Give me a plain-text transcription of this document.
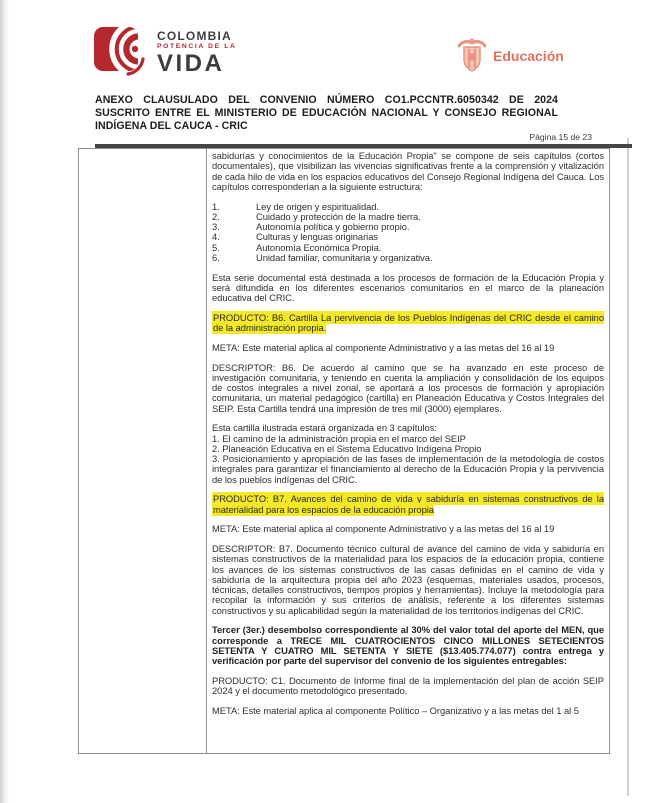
COLOMBIA
POTENCIA DE LA
VIDA	Educación
ANEXO CLAUSULADO DEL CONVENIO NÚMERO CO1.PCCNTR.6050342 DE 2024 SUSCRITO ENTRE EL MINISTERIO DE EDUCACIÓN NACIONAL Y CONSEJO REGIONAL INDÍGENA DEL CAUCA - CRIC
Página 15 de 23

sabidurías y conocimientos de la Educación Propia" se compone de seis capítulos (cortos documentales), que visibilizan las vivencias significativas frente a la comprensión y vitalización de cada hilo de vida en los espacios educativos del Consejo Regional Indígena del Cauca. Los capítulos corresponderían a la siguiente estructura:

1.	Ley de origen y espiritualidad.
2.	Cuidado y protección de la madre tierra.
3.	Autonomía política y gobierno propio.
4.	Culturas y lenguas originarias
5.	Autonomía Económica Propia.
6.	Unidad familiar, comunitaria y organizativa.

Esta serie documental está destinada a los procesos de formación de la Educación Propia y será difundida en los diferentes escenarios comunitarios en el marco de la planeación educativa del CRIC.

PRODUCTO: B6. Cartilla La pervivencia de los Pueblos Indígenas del CRIC desde el camino de la administración propia.

META: Este material aplica al componente Administrativo y a las metas del 16 al 19

DESCRIPTOR: B6. De acuerdo al camino que se ha avanzado en este proceso de investigación comunitaria, y teniendo en cuenta la ampliación y consolidación de los equipos de costos integrales a nivel zonal, se aportará a los procesos de formación y apropiación comunitaria, un material pedagógico (cartilla) en Planeación Educativa y Costos Integrales del SEIP. Esta Cartilla tendrá una impresión de tres mil (3000) ejemplares.

Esta cartilla ilustrada estará organizada en 3 capítulos:
1. El camino de la administración propia en el marco del SEIP
2. Planeación Educativa en el Sistema Educativo Indígena Propio
3. Posicionamiento y apropiación de las fases de implementación de la metodología de costos integrales para garantizar el financiamiento al derecho de la Educación Propia y la pervivencia de los pueblos indígenas del CRIC.

PRODUCTO: B7. Avances del camino de vida y sabiduría en sistemas constructivos de la materialidad para los espacios de la educación propia

META: Este material aplica al componente Administrativo y a las metas del 16 al 19

DESCRIPTOR: B7. Documento técnico cultural de avance del camino de vida y sabiduría en sistemas constructivos de la materialidad para los espacios de la educación propia, contiene los avances de los sistemas constructivos de las casas definidas en el camino de vida y sabiduría de la arquitectura propia del año 2023 (esquemas, materiales usados, procesos, técnicas, detalles constructivos, tiempos propios y herramientas). Incluye la metodología para recopilar la información y sus criterios de análisis, referente a los diferentes sistemas constructivos y su aplicabilidad según la materialidad de los territorios indígenas del CRIC.

Tercer (3er.) desembolso correspondiente al 30% del valor total del aporte del MEN, que corresponde a TRECE MIL CUATROCIENTOS CINCO MILLONES SETECIENTOS SETENTA Y CUATRO MIL SETENTA Y SIETE ($13.405.774.077) contra entrega y verificación por parte del supervisor del convenio de los siguientes entregables:

PRODUCTO: C1. Documento de Informe final de la implementación del plan de acción SEIP 2024 y el documento metodológico presentado.

META: Este material aplica al componente Político – Organizativo y a las metas del 1 al 5
